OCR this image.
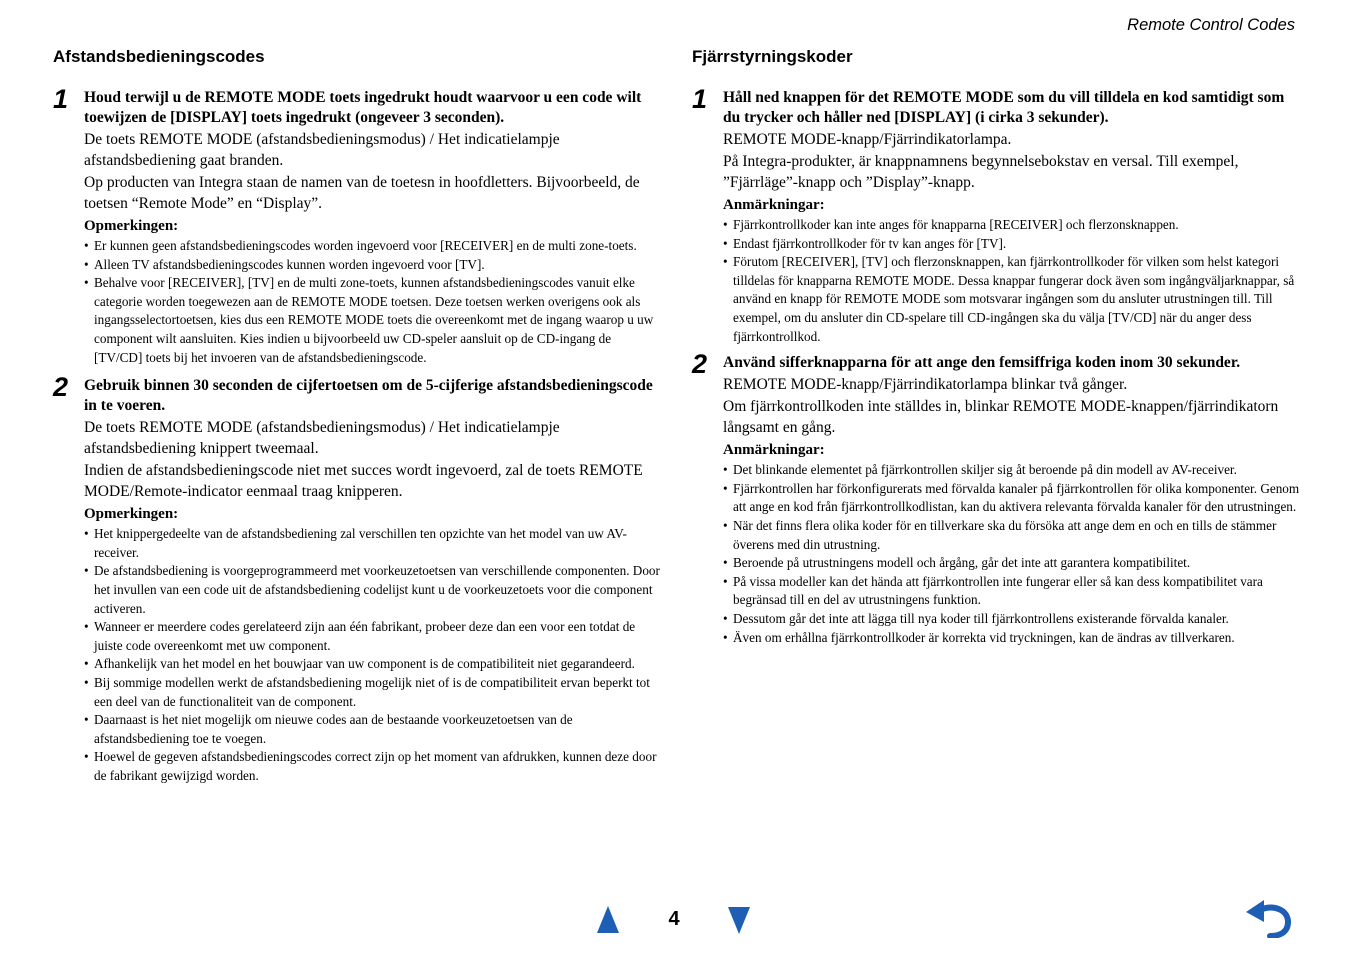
Remote Control Codes
Afstandsbedieningscodes
1 Houd terwijl u de REMOTE MODE toets ingedrukt houdt waarvoor u een code wilt toewijzen de [DISPLAY] toets ingedrukt (ongeveer 3 seconden).
De toets REMOTE MODE (afstandsbedieningsmodus) / Het indicatielampje afstandsbediening gaat branden.
Op producten van Integra staan de namen van de toetesn in hoofdletters. Bijvoorbeeld, de toetsen “Remote Mode” en “Display”.
Opmerkingen:
• Er kunnen geen afstandsbedieningscodes worden ingevoerd voor [RECEIVER] en de multi zone-toets.
• Alleen TV afstandsbedieningscodes kunnen worden ingevoerd voor [TV].
• Behalve voor [RECEIVER], [TV] en de multi zone-toets, kunnen afstandsbedieningscodes vanuit elke categorie worden toegewezen aan de REMOTE MODE toetsen. Deze toetsen werken overigens ook als ingangsselectortoetsen, kies dus een REMOTE MODE toets die overeenkomt met de ingang waarop u uw component wilt aansluiten. Kies indien u bijvoorbeeld uw CD-speler aansluit op de CD-ingang de [TV/CD] toets bij het invoeren van de afstandsbedieningscode.
2 Gebruik binnen 30 seconden de cijfertoetsen om de 5-cijferige afstandsbedieningscode in te voeren.
De toets REMOTE MODE (afstandsbedieningsmodus) / Het indicatielampje afstandsbediening knippert tweemaal.
Indien de afstandsbedieningscode niet met succes wordt ingevoerd, zal de toets REMOTE MODE/Remote-indicator eenmaal traag knipperen.
Opmerkingen:
• Het knippergedeelte van de afstandsbediening zal verschillen ten opzichte van het model van uw AV-receiver.
• De afstandsbediening is voorgeprogrammeerd met voorkeuzetoetsen van verschillende componenten. Door het invullen van een code uit de afstandsbediening codelijst kunt u de voorkeuzetoets voor die component activeren.
• Wanneer er meerdere codes gerelateerd zijn aan één fabrikant, probeer deze dan een voor een totdat de juiste code overeenkomt met uw component.
• Afhankelijk van het model en het bouwjaar van uw component is de compatibiliteit niet gegarandeerd.
• Bij sommige modellen werkt de afstandsbediening mogelijk niet of is de compatibiliteit ervan beperkt tot een deel van de functionaliteit van de component.
• Daarnaast is het niet mogelijk om nieuwe codes aan de bestaande voorkeuzetoetsen van de afstandsbediening toe te voegen.
• Hoewel de gegeven afstandsbedieningscodes correct zijn op het moment van afdrukken, kunnen deze door de fabrikant gewijzigd worden.
Fjärrstyrningskoder
1 Håll ned knappen för det REMOTE MODE som du vill tilldela en kod samtidigt som du trycker och håller ned [DISPLAY] (i cirka 3 sekunder).
REMOTE MODE-knapp/Fjärrindikatorlampa.
På Integra-produkter, är knappnamnens begynnelsebokstav en versal. Till exempel, ”Fjärrläge”-knapp och ”Display”-knapp.
Anmärkningar:
• Fjärrkontrollkoder kan inte anges för knapparna [RECEIVER] och flerzonsknappen.
• Endast fjärrkontrollkoder för tv kan anges för [TV].
• Förutom [RECEIVER], [TV] och flerzonsknappen, kan fjärrkontrollkoder för vilken som helst kategori tilldelas för knapparna REMOTE MODE. Dessa knappar fungerar dock även som ingångväljarknappar, så använd en knapp för REMOTE MODE som motsvarar ingången som du ansluter utrustningen till. Till exempel, om du ansluter din CD-spelare till CD-ingången ska du välja [TV/CD] när du anger dess fjärrkontrollkod.
2 Använd sifferknapparna för att ange den femsiffriga koden inom 30 sekunder.
REMOTE MODE-knapp/Fjärrindikatorlampa blinkar två gånger.
Om fjärrkontrollkoden inte ställdes in, blinkar REMOTE MODE-knappen/fjärrindikatorn långsamt en gång.
Anmärkningar:
• Det blinkande elementet på fjärrkontrollen skiljer sig åt beroende på din modell av AV-receiver.
• Fjärrkontrollen har förkonfigurerats med förvalda kanaler på fjärrkontrollen för olika komponenter. Genom att ange en kod från fjärrkontrollkodlistan, kan du aktivera relevanta förvalda kanaler för den utrustningen.
• När det finns flera olika koder för en tillverkare ska du försöka att ange dem en och en tills de stämmer överens med din utrustning.
• Beroende på utrustningens modell och årgång, går det inte att garantera kompatibilitet.
• På vissa modeller kan det hända att fjärrkontrollen inte fungerar eller så kan dess kompatibilitet vara begränsad till en del av utrustningens funktion.
• Dessutom går det inte att lägga till nya koder till fjärrkontrollens existerande förvalda kanaler.
• Även om erhållna fjärrkontrollkoder är korrekta vid tryckningen, kan de ändras av tillverkaren.
4
